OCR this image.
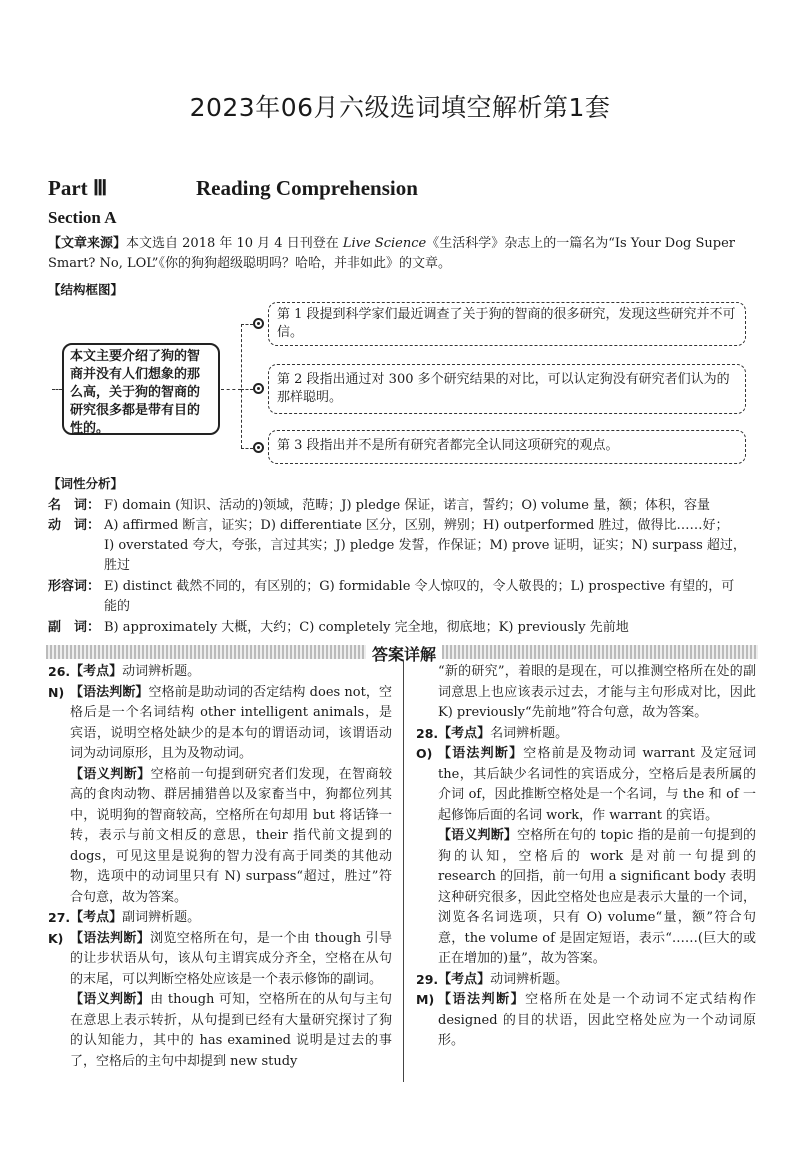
2023年06月六级选词填空解析第1套
Part Ⅲ	Reading Comprehension
Section A
【文章来源】本文选自 2018 年 10 月 4 日刊登在 Live Science《生活科学》杂志上的一篇名为“Is Your Dog Super
Smart? No, LOL”《你的狗狗超级聪明吗？哈哈，并非如此》的文章。
【结构框图】
本文主要介绍了狗的智商并没有人们想象的那么高，关于狗的智商的研究很多都是带有目的性的。
第 1 段提到科学家们最近调查了关于狗的智商的很多研究，发现这些研究并不可信。
第 2 段指出通过对 300 多个研究结果的对比，可以认定狗没有研究者们认为的那样聪明。
第 3 段指出并不是所有研究者都完全认同这项研究的观点。
【词性分析】
名　词： F) domain (知识、活动的)领域，范畴；J) pledge 保证，诺言，誓约；O) volume 量，额；体积，容量
动　词： A) affirmed 断言，证实；D) differentiate 区分，区别，辨别；H) outperformed 胜过，做得比……好；
I) overstated 夸大，夸张，言过其实；J) pledge 发誓，作保证；M) prove 证明，证实；N) surpass 超过，
胜过
形容词： E) distinct 截然不同的，有区别的；G) formidable 令人惊叹的，令人敬畏的；L) prospective 有望的，可
能的
副　词： B) approximately 大概，大约；C) completely 完全地，彻底地；K) previously 先前地
答案详解
26. 【考点】动词辨析题。
N) 【语法判断】空格前是助动词的否定结构 does not，空格后是一个名词结构 other intelligent animals，是宾语，说明空格处缺少的是本句的谓语动词，该谓语动词为动词原形，且为及物动词。
【语义判断】空格前一句提到研究者们发现，在智商较高的食肉动物、群居捕猎兽以及家畜当中，狗都位列其中，说明狗的智商较高，空格所在句却用 but 将话锋一转，表示与前文相反的意思，their 指代前文提到的 dogs，可见这里是说狗的智力没有高于同类的其他动物，选项中的动词里只有 N) surpass“超过，胜过”符合句意，故为答案。
27. 【考点】副词辨析题。
K) 【语法判断】浏览空格所在句，是一个由 though 引导的让步状语从句，该从句主谓宾成分齐全，空格在从句的末尾，可以判断空格处应该是一个表示修饰的副词。
【语义判断】由 though 可知，空格所在的从句与主句在意思上表示转折，从句提到已经有大量研究探讨了狗的认知能力，其中的 has examined 说明是过去的事了，空格后的主句中却提到 new study
“新的研究”，着眼的是现在，可以推测空格所在处的副词意思上也应该表示过去，才能与主句形成对比，因此 K) previously“先前地”符合句意，故为答案。
28. 【考点】名词辨析题。
O) 【语法判断】空格前是及物动词 warrant 及定冠词 the，其后缺少名词性的宾语成分，空格后是表所属的介词 of，因此推断空格处是一个名词，与 the 和 of 一起修饰后面的名词 work，作 warrant 的宾语。
【语义判断】空格所在句的 topic 指的是前一句提到的狗的认知，空格后的 work 是对前一句提到的 research 的回指，前一句用 a significant body 表明这种研究很多，因此空格处也应是表示大量的一个词，浏览各名词选项，只有 O) volume“量，额”符合句意，the volume of 是固定短语，表示“……(巨大的或正在增加的)量”，故为答案。
29. 【考点】动词辨析题。
M) 【语法判断】空格所在处是一个动词不定式结构作 designed 的目的状语，因此空格处应为一个动词原形。
